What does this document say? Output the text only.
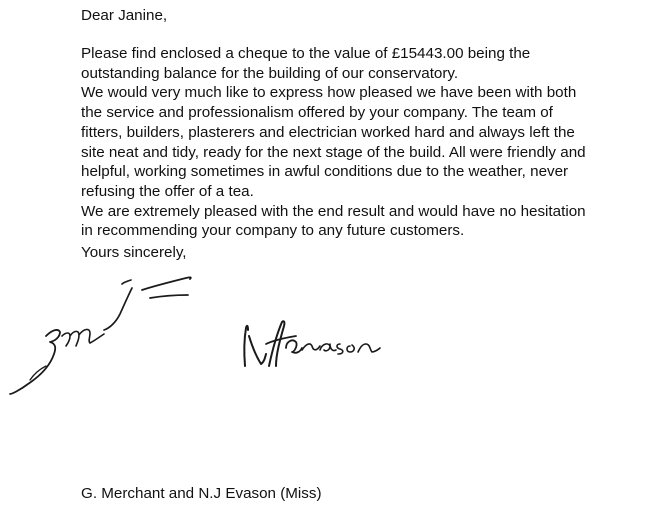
Dear Janine,
Please find enclosed a cheque to the value of £15443.00 being the
outstanding balance for the building of our conservatory.
We would very much like to express how pleased we have been with both
the service and professionalism offered by your company. The team of
fitters, builders, plasterers and electrician worked hard and always left the
site neat and tidy, ready for the next stage of the build. All were friendly and
helpful, working sometimes in awful conditions due to the weather, never
refusing the offer of a tea.
We are extremely pleased with the end result and would have no hesitation
in recommending your company to any future customers.
Yours sincerely,
G. Merchant and N.J Evason (Miss)
